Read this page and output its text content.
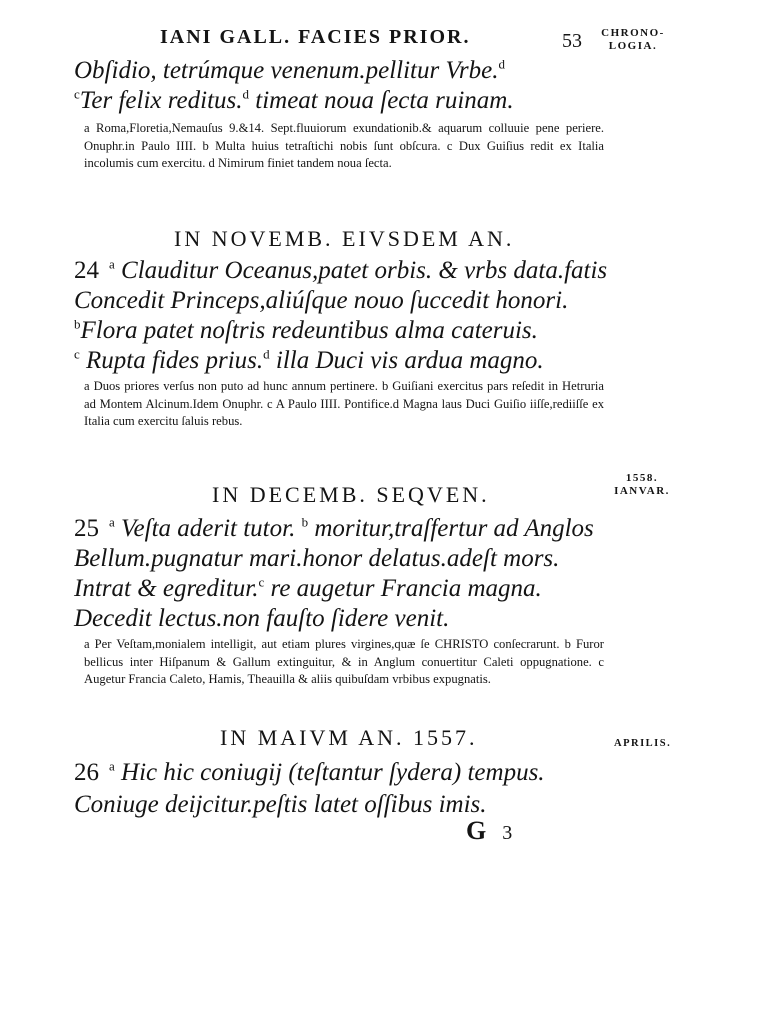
IANI GALL. FACIES PRIOR.	53	CHRONO-
LOGIA.
Obſidio, tetrúmque venenum.pellitur Vrbe.$^d$
$^c$Ter felix reditus.$^d$ timeat noua ſecta ruinam.
a Roma,Floretia,Nemauſus 9.&14. Sept.fluuiorum exundationib.& aquarum colluuie pene periere. Onuphr.in Paulo IIII. b Multa huius tetraſtichi nobis ſunt obſcura. c Dux Guiſius redit ex Italia incolumis cum exercitu. d Nimirum finiet tandem noua ſecta.
IN NOVEMB. EIVSDEM AN.
24 $^a$ Clauditur Oceanus,patet orbis. & vrbs data.fatis
Concedit Princeps,aliúſque nouo ſuccedit honori.
$^b$Flora patet noſtris redeuntibus alma cateruis.
$^c$ Rupta fides prius.$^d$ illa Duci vis ardua magno.
a Duos priores verſus non puto ad hunc annum pertinere. b Guiſiani exercitus pars reſedit in Hetruria ad Montem Alcinum.Idem Onuphr. c A Paulo IIII. Pontifice.d Magna laus Duci Guiſio iiſſe,rediiſſe ex Italia cum exercitu ſaluis rebus.
IN DECEMB. SEQVEN.
1558.
IANVAR.
25 $^a$ Veſta aderit tutor. $^b$ moritur,traſfertur ad Anglos
Bellum.pugnatur mari.honor delatus.adeſt mors.
Intrat & egreditur.$^c$ re augetur Francia magna.
Decedit lectus.non fauſto ſidere venit.
a Per Veſtam,monialem intelligit, aut etiam plures virgines,quæ ſe CHRISTO conſecrarunt. b Furor bellicus inter Hiſpanum & Gallum extinguitur, & in Anglum conuertitur Caleti oppugnatione. c Augetur Francia Caleto, Hamis, Theauilla & aliis quibuſdam vrbibus expugnatis.
IN MAIVM AN. 1557.	APRILIS.
26 $^a$ Hic hic coniugij (teſtantur ſydera) tempus.
Coniuge deijcitur.peſtis latet oſſibus imis.
G 3
